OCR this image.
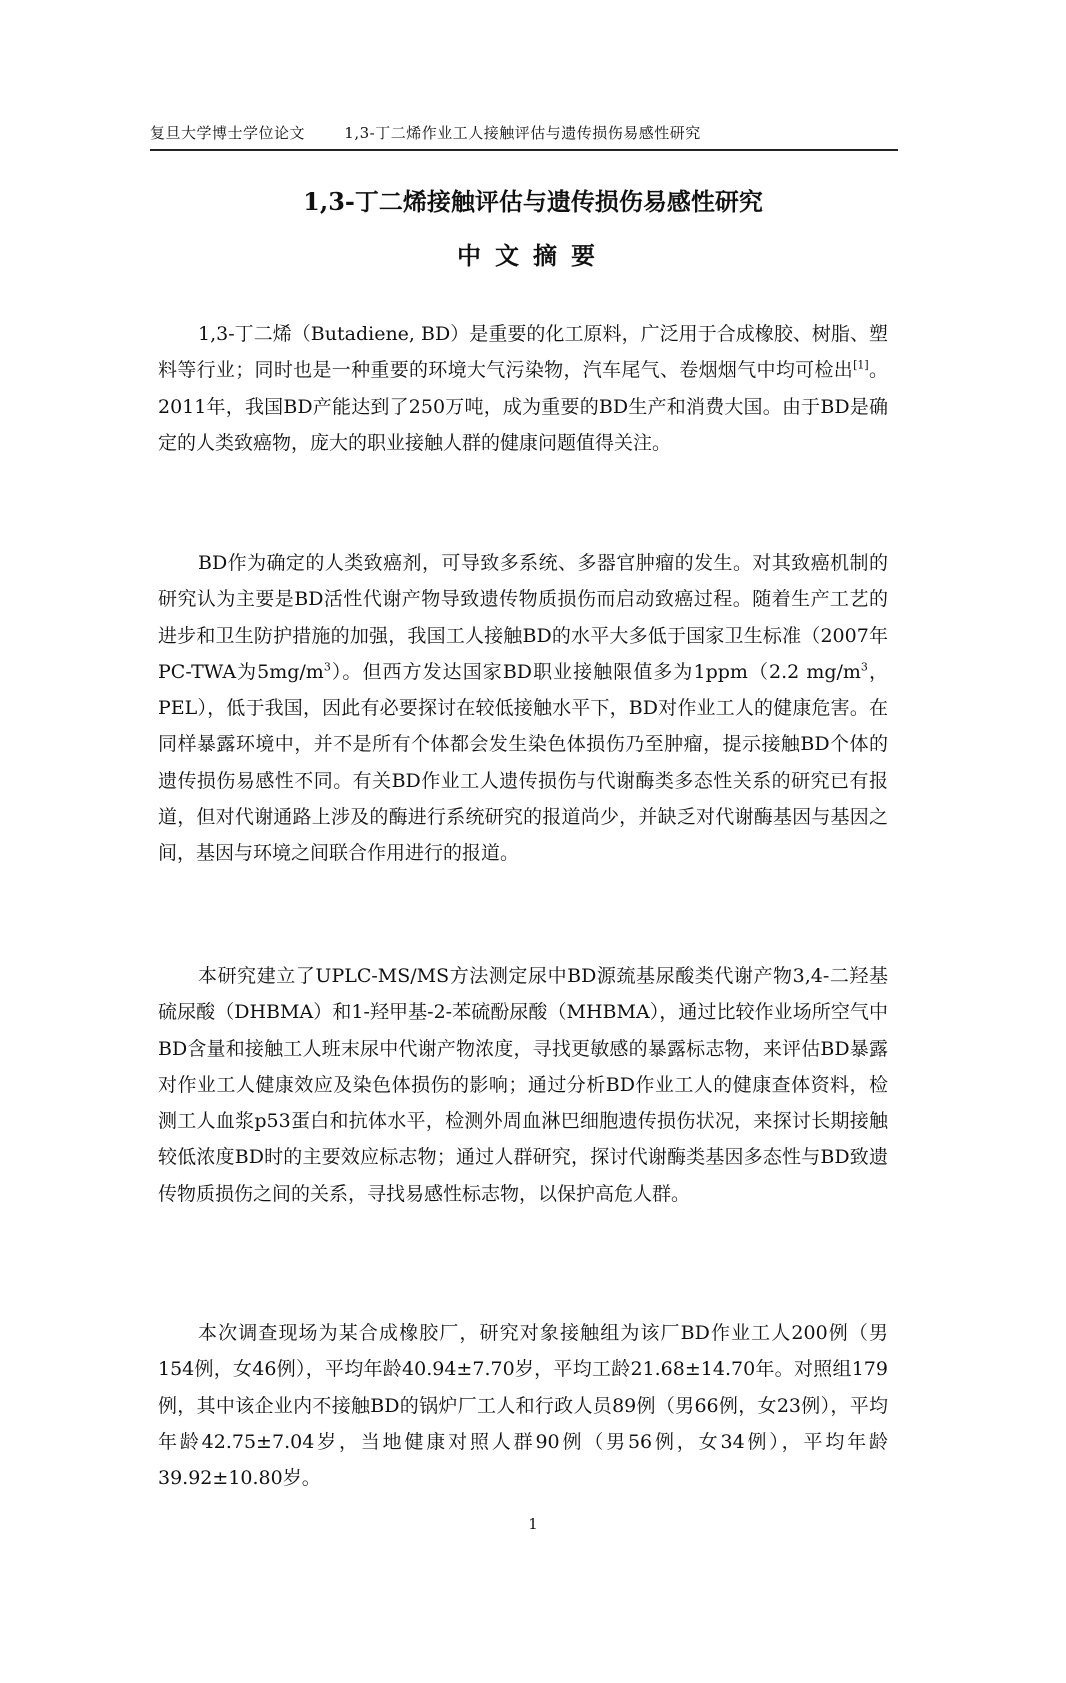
复旦大学博士学位论文	1,3-丁二烯作业工人接触评估与遗传损伤易感性研究
1,3-丁二烯接触评估与遗传损伤易感性研究
中文摘要

1,3-丁二烯（Butadiene, BD）是重要的化工原料，广泛用于合成橡胶、树脂、塑料等行业；同时也是一种重要的环境大气污染物，汽车尾气、卷烟烟气中均可检出[1]。2011年，我国BD产能达到了250万吨，成为重要的BD生产和消费大国。由于BD是确定的人类致癌物，庞大的职业接触人群的健康问题值得关注。

BD作为确定的人类致癌剂，可导致多系统、多器官肿瘤的发生。对其致癌机制的研究认为主要是BD活性代谢产物导致遗传物质损伤而启动致癌过程。随着生产工艺的进步和卫生防护措施的加强，我国工人接触BD的水平大多低于国家卫生标准（2007年PC-TWA为$5mg/m^3$）。但西方发达国家BD职业接触限值多为1ppm（2.2 $mg/m^3$，PEL），低于我国，因此有必要探讨在较低接触水平下，BD对作业工人的健康危害。在同样暴露环境中，并不是所有个体都会发生染色体损伤乃至肿瘤，提示接触BD个体的遗传损伤易感性不同。有关BD作业工人遗传损伤与代谢酶类多态性关系的研究已有报道，但对代谢通路上涉及的酶进行系统研究的报道尚少，并缺乏对代谢酶基因与基因之间，基因与环境之间联合作用进行的报道。

本研究建立了UPLC-MS/MS方法测定尿中BD源巯基尿酸类代谢产物3,4-二羟基硫尿酸（DHBMA）和1-羟甲基-2-苯硫酚尿酸（MHBMA），通过比较作业场所空气中BD含量和接触工人班末尿中代谢产物浓度，寻找更敏感的暴露标志物，来评估BD暴露对作业工人健康效应及染色体损伤的影响；通过分析BD作业工人的健康查体资料，检测工人血浆p53蛋白和抗体水平，检测外周血淋巴细胞遗传损伤状况，来探讨长期接触较低浓度BD时的主要效应标志物；通过人群研究，探讨代谢酶类基因多态性与BD致遗传物质损伤之间的关系，寻找易感性标志物，以保护高危人群。

本次调查现场为某合成橡胶厂，研究对象接触组为该厂BD作业工人200例（男154例，女46例），平均年龄40.94±7.70岁，平均工龄21.68±14.70年。对照组179例，其中该企业内不接触BD的锅炉厂工人和行政人员89例（男66例，女23例），平均年龄42.75±7.04岁，当地健康对照人群90例（男56例，女34例），平均年龄39.92±10.80岁。

1
